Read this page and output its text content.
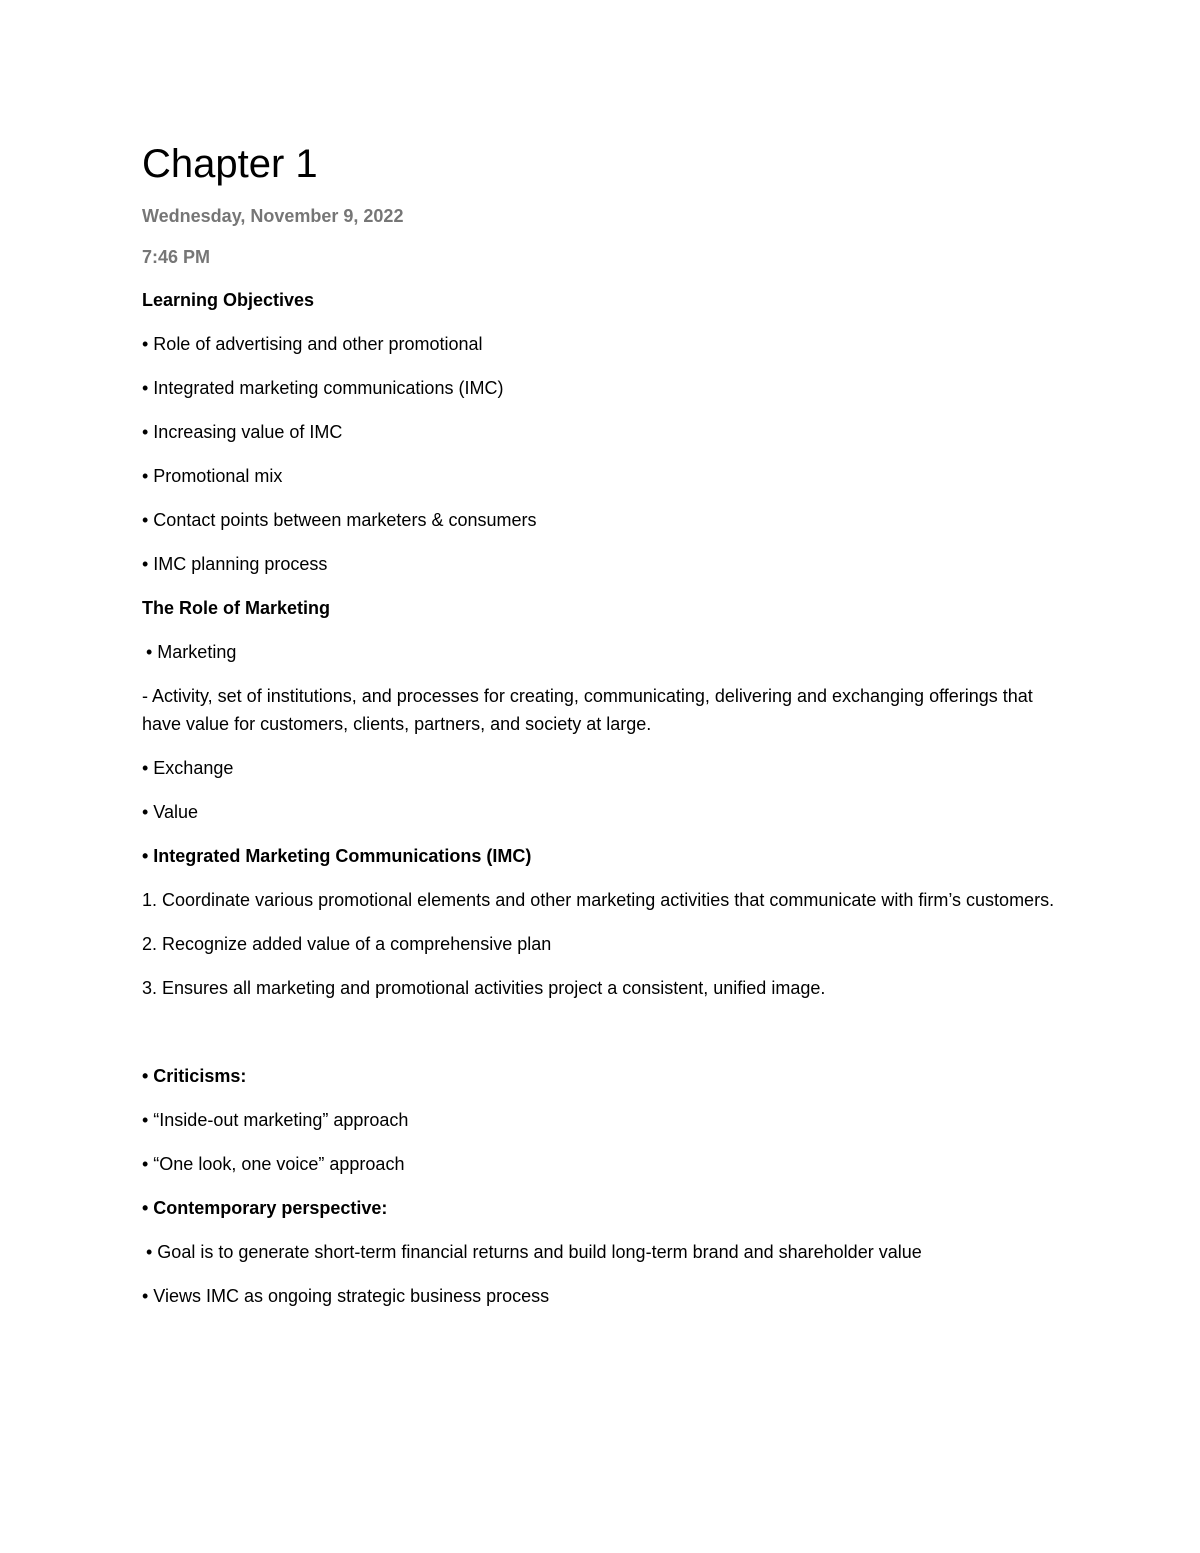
Chapter 1
Wednesday, November 9, 2022
7:46 PM
Learning Objectives
• Role of advertising and other promotional
• Integrated marketing communications (IMC)
• Increasing value of IMC
• Promotional mix
• Contact points between marketers & consumers
• IMC planning process
The Role of Marketing
• Marketing
- Activity, set of institutions, and processes for creating, communicating, delivering and exchanging offerings that have value for customers, clients, partners, and society at large.
• Exchange
• Value
• Integrated Marketing Communications (IMC)
1. Coordinate various promotional elements and other marketing activities that communicate with firm’s customers.
2. Recognize added value of a comprehensive plan
3. Ensures all marketing and promotional activities project a consistent, unified image.
• Criticisms:
• “Inside-out marketing” approach
• “One look, one voice” approach
• Contemporary perspective:
• Goal is to generate short-term financial returns and build long-term brand and shareholder value
• Views IMC as ongoing strategic business process
